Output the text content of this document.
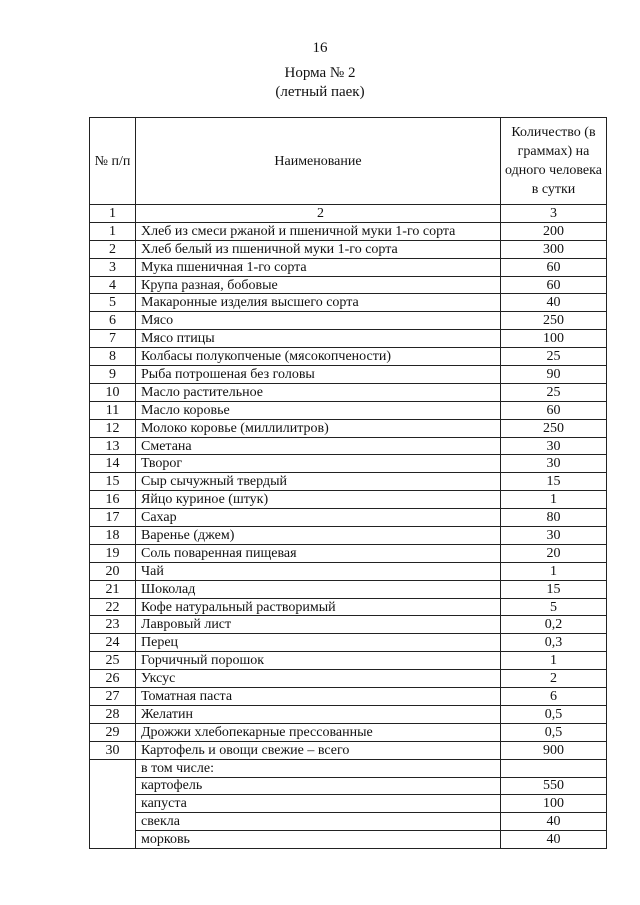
16
Норма № 2
(летный паек)
№ п/п	Наименование	Количество (в граммах) на одного человека в сутки
1	2	3
1	Хлеб из смеси ржаной и пшеничной муки 1-го сорта	200
2	Хлеб белый из пшеничной муки 1-го сорта	300
3	Мука пшеничная 1-го сорта	60
4	Крупа разная, бобовые	60
5	Макаронные изделия высшего сорта	40
6	Мясо	250
7	Мясо птицы	100
8	Колбасы полукопченые (мясокопчености)	25
9	Рыба потрошеная без головы	90
10	Масло растительное	25
11	Масло коровье	60
12	Молоко коровье (миллилитров)	250
13	Сметана	30
14	Творог	30
15	Сыр сычужный твердый	15
16	Яйцо куриное (штук)	1
17	Сахар	80
18	Варенье (джем)	30
19	Соль поваренная пищевая	20
20	Чай	1
21	Шоколад	15
22	Кофе натуральный растворимый	5
23	Лавровый лист	0,2
24	Перец	0,3
25	Горчичный порошок	1
26	Уксус	2
27	Томатная паста	6
28	Желатин	0,5
29	Дрожжи хлебопекарные прессованные	0,5
30	Картофель и овощи свежие – всего	900
	в том числе:	
	картофель	550
	капуста	100
	свекла	40
	морковь	40
